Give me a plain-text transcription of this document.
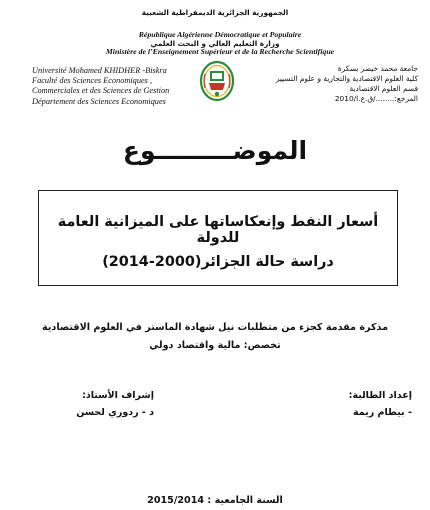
الجمهورية الجزائرية الديمقراطية الشعبية
République Algérienne Démocratique et Populaire
وزارة التعليم العالي و البحث العلمي
Ministère de l’Enseignement Supérieur et de la Recherche Scientifique
Université Mohamed KHIDHER -Biskra
Faculté des Sciences Economiques ,
Commerciales et des Sciences de Gestion
Département des Sciences Economiques
جامعة محمد خيضر بسكرة
كلية العلوم الاقتصادية والتجارية و علوم التسيير
قسم العلوم الاقتصادية
المرجع:......../ق.ع.ا/2010
الموضـــــــــوع
أسعار النفط وإنعكاساتها على الميزانية العامة للدولة
دراسة حالة الجزائر(2000-2014)
مذكرة مقدمة كجزء من متطلبات نيل شهادة الماستر في العلوم الاقتصادية
تخصص: مالية واقتصاد دولي
إعداد الطالبة:
- بيطام ريمة
إشراف الأستاذ:
د - ردوري لحسن
السنة الجامعية : 2015/2014
